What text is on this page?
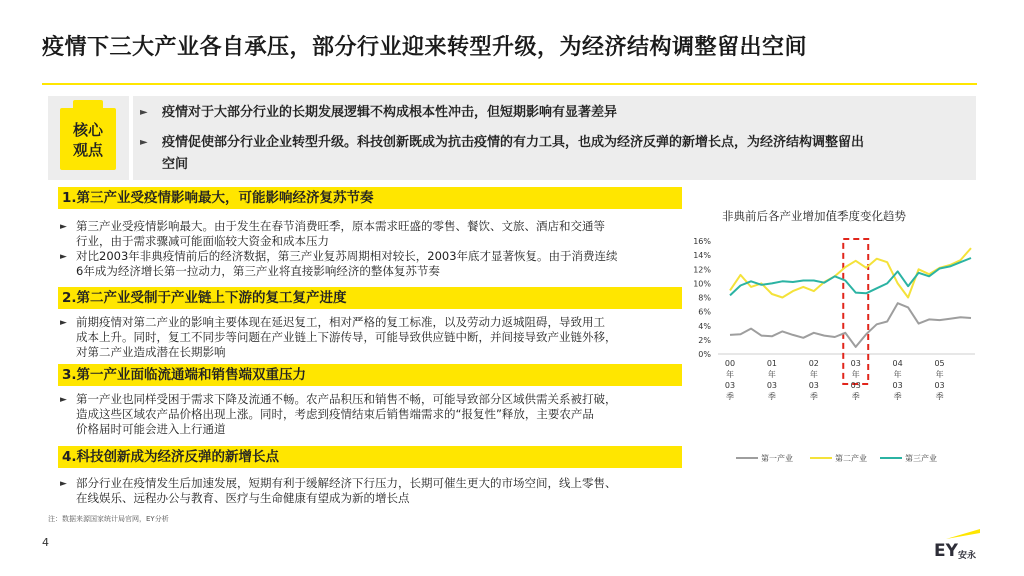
疫情下三大产业各自承压，部分行业迎来转型升级，为经济结构调整留出空间
核心
观点
► 疫情对于大部分行业的长期发展逻辑不构成根本性冲击，但短期影响有显著差异
► 疫情促使部分行业企业转型升级。科技创新既成为抗击疫情的有力工具，也成为经济反弹的新增长点，为经济结构调整留出
空间
1.第三产业受疫情影响最大，可能影响经济复苏节奏
► 第三产业受疫情影响最大。由于发生在春节消费旺季，原本需求旺盛的零售、餐饮、文旅、酒店和交通等
行业，由于需求骤减可能面临较大资金和成本压力
► 对比2003年非典疫情前后的经济数据，第三产业复苏周期相对较长，2003年底才显著恢复。由于消费连续
6年成为经济增长第一拉动力，第三产业将直接影响经济的整体复苏节奏
2.第二产业受制于产业链上下游的复工复产进度
► 前期疫情对第二产业的影响主要体现在延迟复工，相对严格的复工标准，以及劳动力返城阻碍，导致用工
成本上升。同时，复工不同步等问题在产业链上下游传导，可能导致供应链中断，并间接导致产业链外移，
对第二产业造成潜在长期影响
3.第一产业面临流通端和销售端双重压力
► 第一产业也同样受困于需求下降及流通不畅。农产品积压和销售不畅，可能导致部分区域供需关系被打破，
造成这些区域农产品价格出现上涨。同时，考虑到疫情结束后销售端需求的“报复性”释放，主要农产品
价格届时可能会进入上行通道
4.科技创新成为经济反弹的新增长点
► 部分行业在疫情发生后加速发展，短期有利于缓解经济下行压力，长期可催生更大的市场空间，线上零售、
在线娱乐、远程办公与教育、医疗与生命健康有望成为新的增长点
注：数据来源国家统计局官网，EY分析
4
非典前后各产业增加值季度变化趋势
0%
2%
4%
6%
8%
10%
12%
14%
16%
00
年
03
季
01
年
03
季
02
年
03
季
03
年
03
季
04
年
03
季
05
年
03
季
第一产业	第二产业	第三产业
EY 安永
